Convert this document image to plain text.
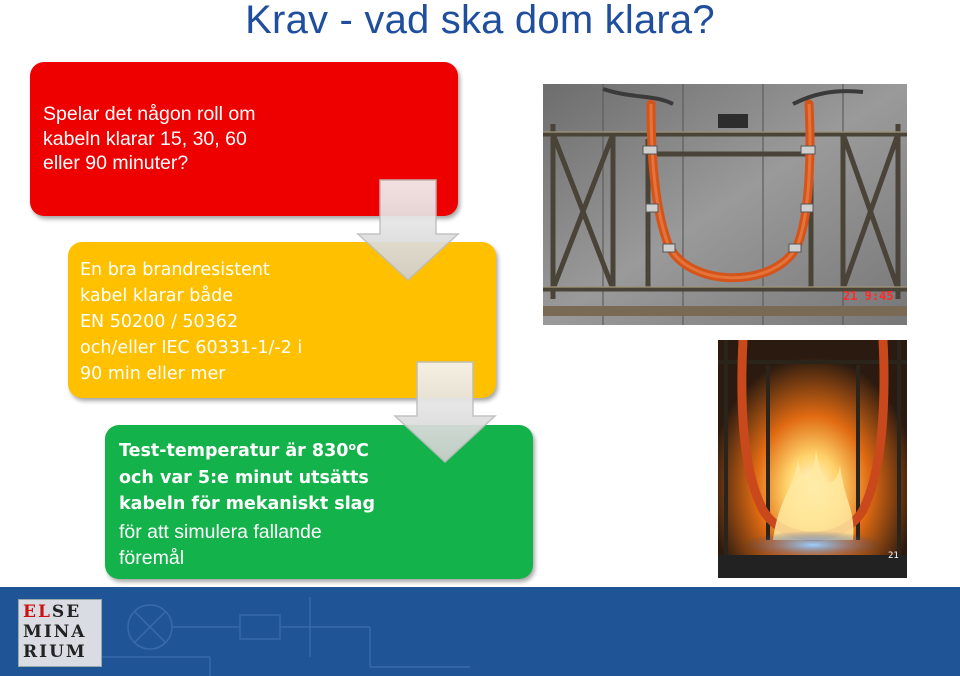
Krav - vad ska dom klara?
Spelar det någon roll om
kabeln klarar 15, 30, 60
eller 90 minuter?
En bra brandresistent
kabel klarar både
EN 50200 / 50362
och/eller IEC 60331-1/-2 i
90 min eller mer
Test-temperatur är 830$^o$C
och var 5:e minut utsätts
kabeln för mekaniskt slag
för att simulera fallande
föremål
21 9:45
21
ELSE
MINA
RIUM
